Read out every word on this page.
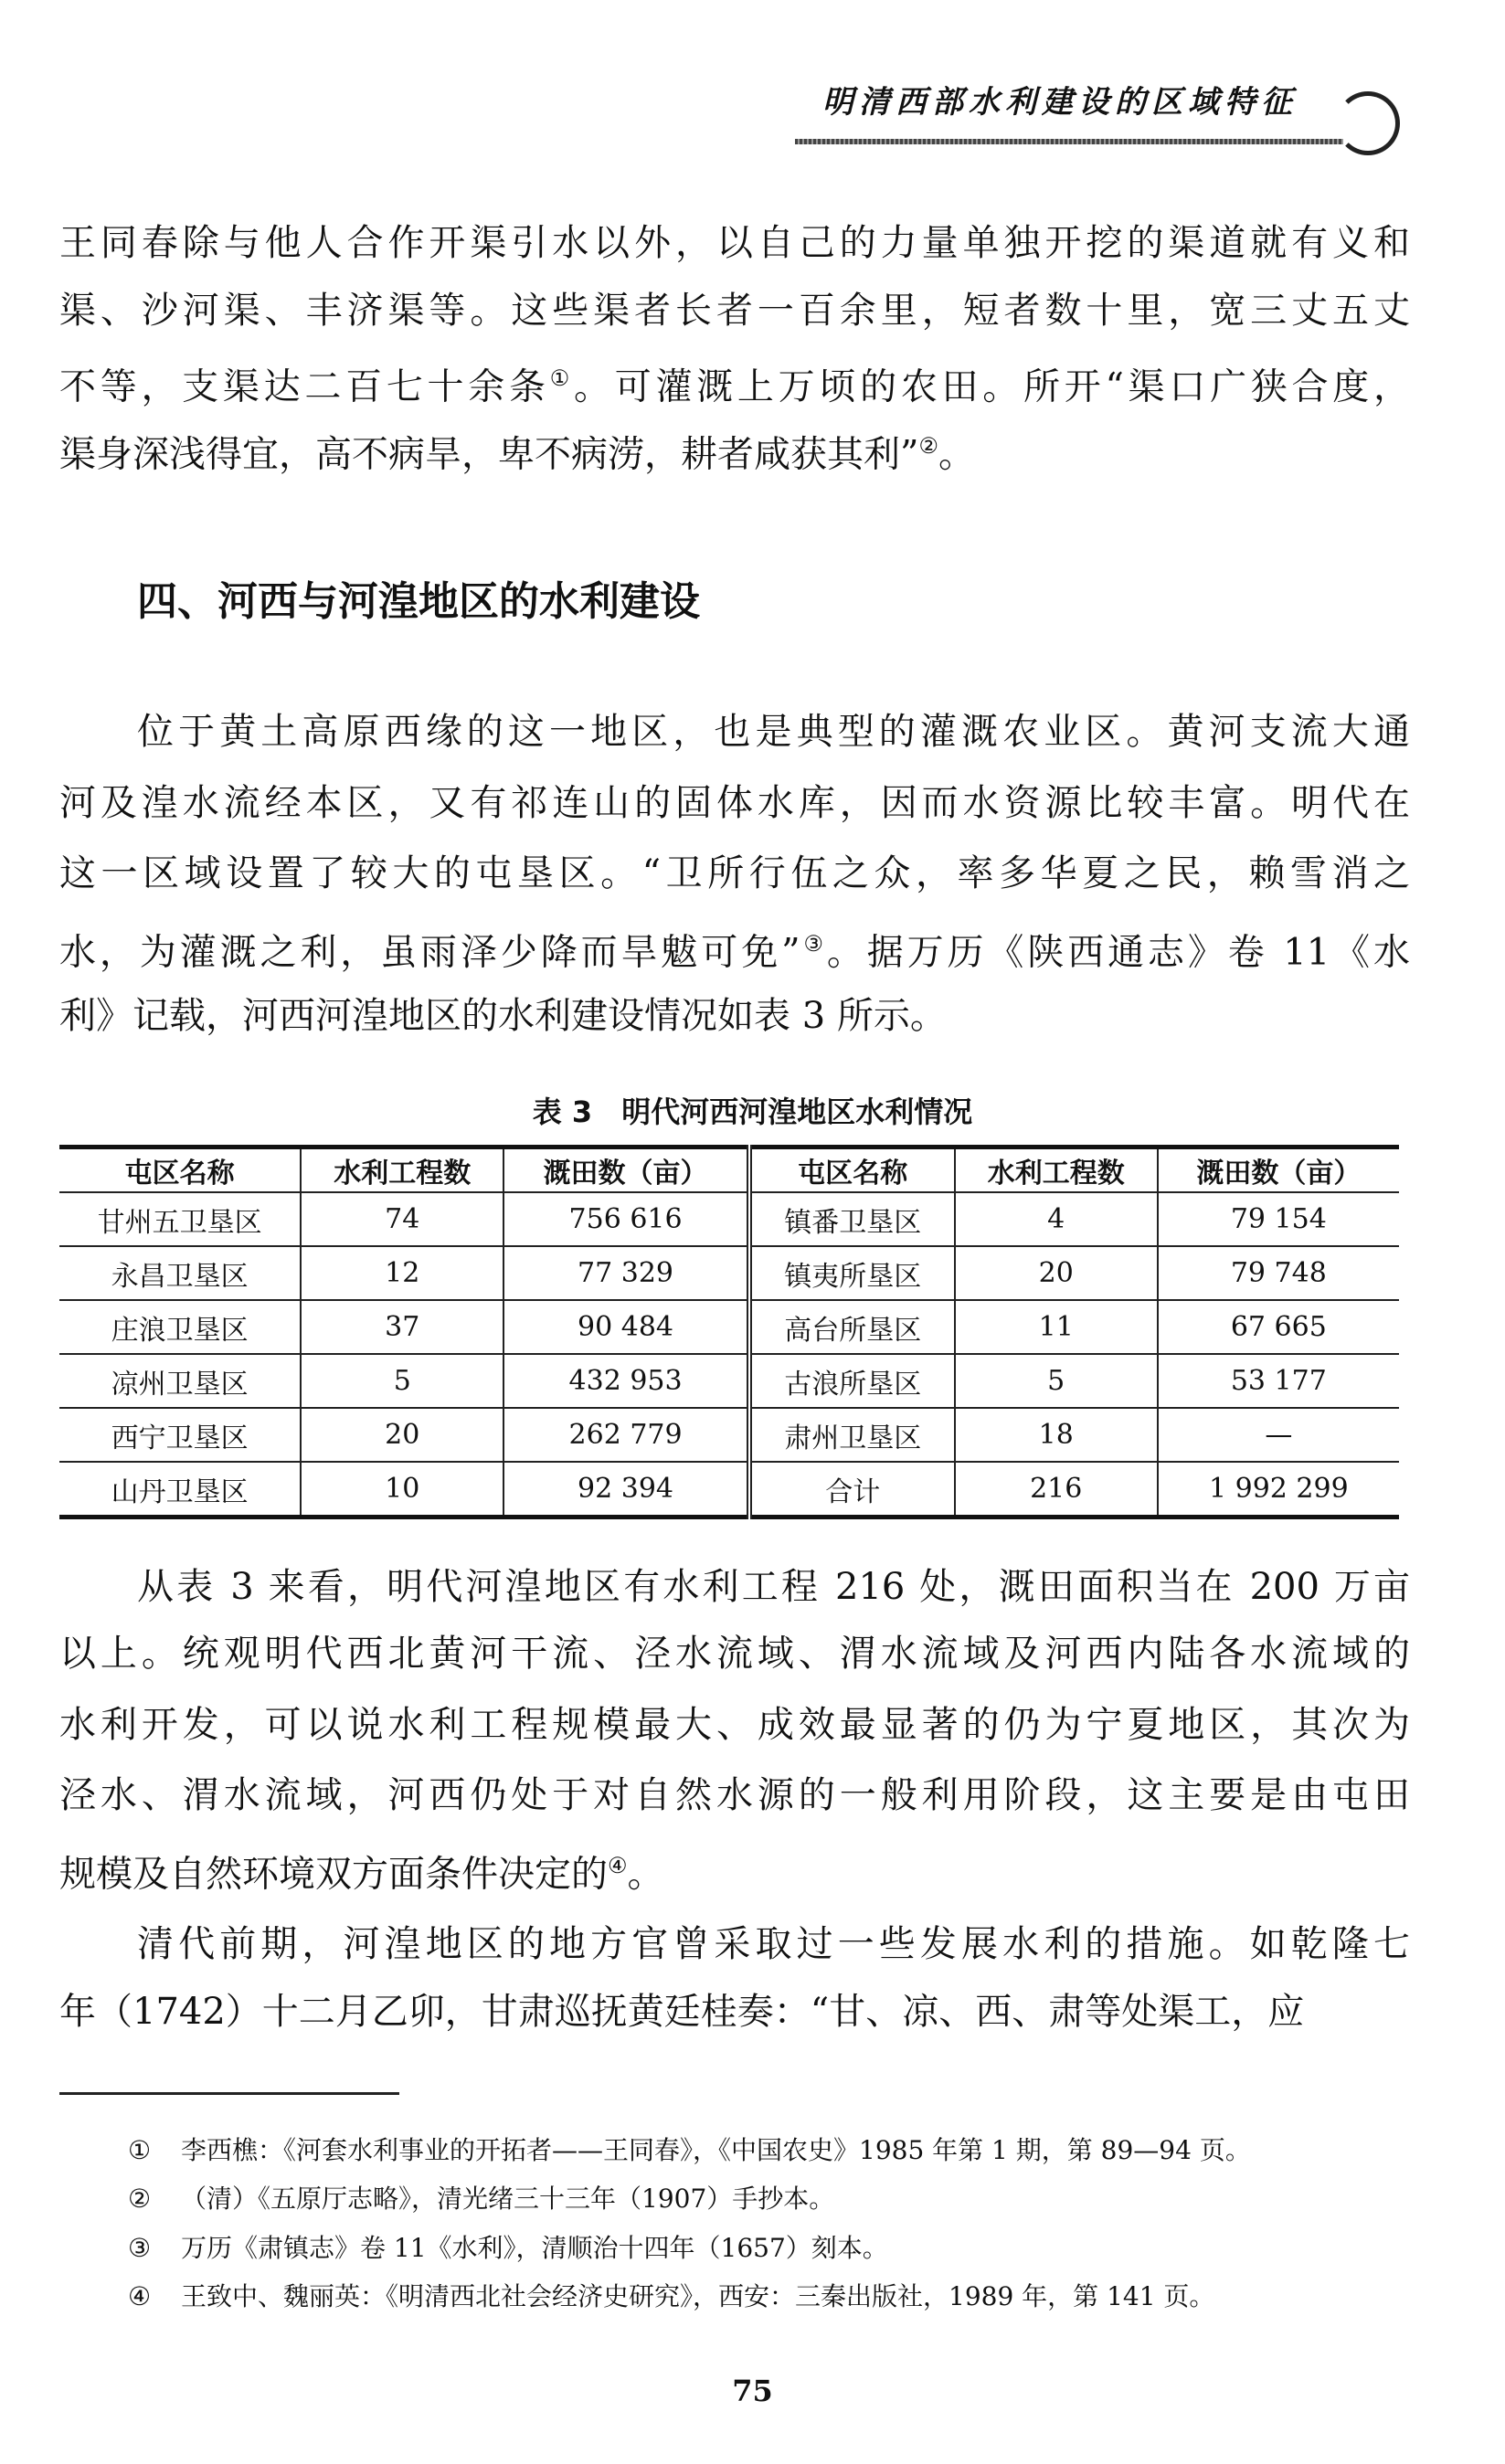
明清西部水利建设的区域特征
王同春除与他人合作开渠引水以外，以自己的力量单独开挖的渠道就有义和
渠、沙河渠、丰济渠等。这些渠者长者一百余里，短者数十里，宽三丈五丈
不等，支渠达二百七十余条①。可灌溉上万顷的农田。所开“渠口广狭合度，
渠身深浅得宜，高不病旱，卑不病涝，耕者咸获其利”②。
四、河西与河湟地区的水利建设
位于黄土高原西缘的这一地区，也是典型的灌溉农业区。黄河支流大通
河及湟水流经本区，又有祁连山的固体水库，因而水资源比较丰富。明代在
这一区域设置了较大的屯垦区。“卫所行伍之众，率多华夏之民，赖雪消之
水，为灌溉之利，虽雨泽少降而旱魃可免”③。据万历《陕西通志》卷 11《水
利》记载，河西河湟地区的水利建设情况如表 3 所示。
表 3　明代河西河湟地区水利情况
屯区名称	水利工程数	溉田数（亩）	屯区名称	水利工程数	溉田数（亩）
甘州五卫垦区	74	756 616	镇番卫垦区	4	79 154
永昌卫垦区	12	77 329	镇夷所垦区	20	79 748
庄浪卫垦区	37	90 484	高台所垦区	11	67 665
凉州卫垦区	5	432 953	古浪所垦区	5	53 177
西宁卫垦区	20	262 779	肃州卫垦区	18	—
山丹卫垦区	10	92 394	合计	216	1 992 299
从表 3 来看，明代河湟地区有水利工程 216 处，溉田面积当在 200 万亩
以上。统观明代西北黄河干流、泾水流域、渭水流域及河西内陆各水流域的
水利开发，可以说水利工程规模最大、成效最显著的仍为宁夏地区，其次为
泾水、渭水流域，河西仍处于对自然水源的一般利用阶段，这主要是由屯田
规模及自然环境双方面条件决定的④。
清代前期，河湟地区的地方官曾采取过一些发展水利的措施。如乾隆七
年（1742）十二月乙卯，甘肃巡抚黄廷桂奏：“甘、凉、西、肃等处渠工，应
① 李西樵：《河套水利事业的开拓者——王同春》，《中国农史》1985 年第 1 期，第 89—94 页。
② （清）《五原厅志略》，清光绪三十三年（1907）手抄本。
③ 万历《肃镇志》卷 11《水利》，清顺治十四年（1657）刻本。
④ 王致中、魏丽英：《明清西北社会经济史研究》，西安：三秦出版社，1989 年，第 141 页。
75
